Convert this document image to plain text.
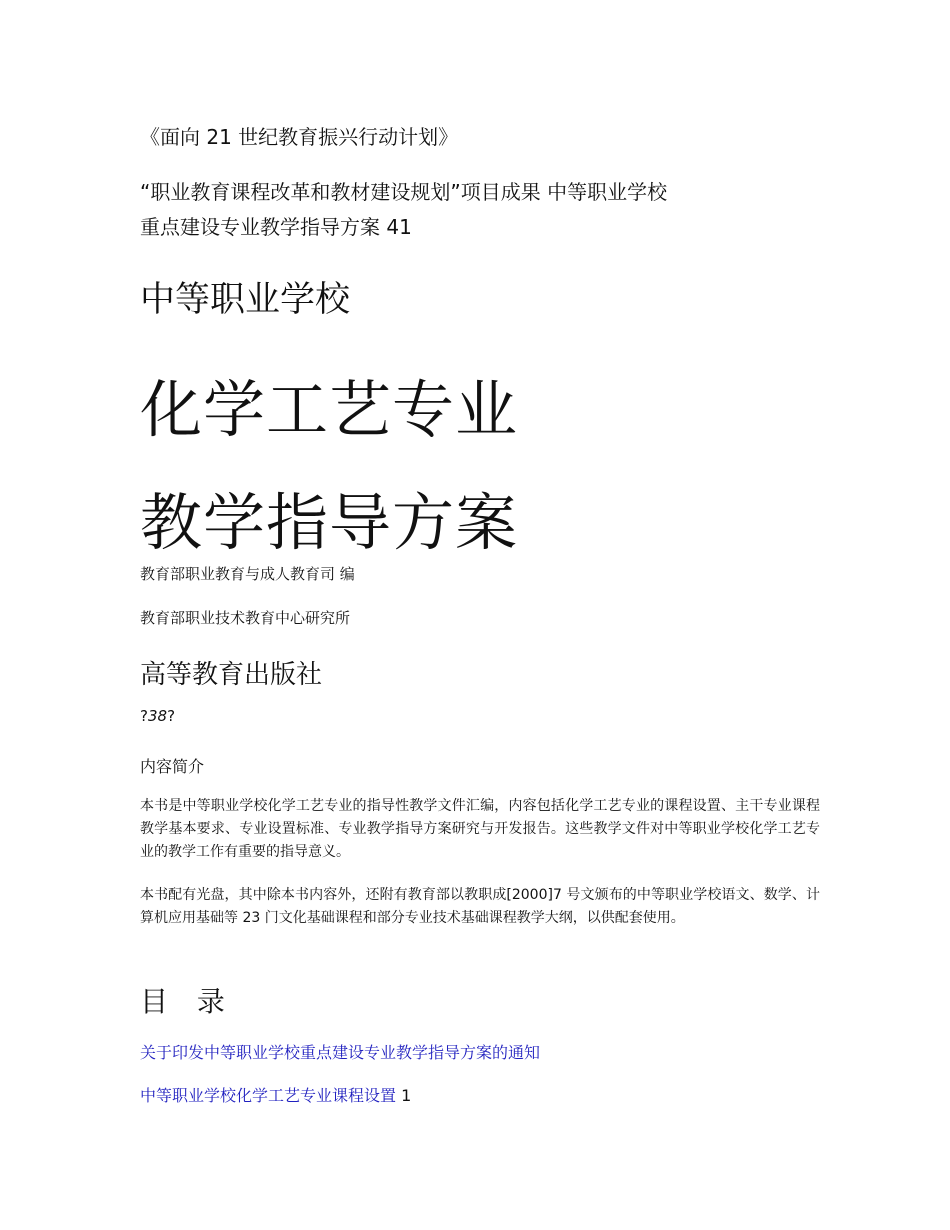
《面向 21 世纪教育振兴行动计划》
“职业教育课程改革和教材建设规划”项目成果 中等职业学校
重点建设专业教学指导方案 41
中等职业学校
化学工艺专业
教学指导方案
教育部职业教育与成人教育司 编
教育部职业技术教育中心研究所
高等教育出版社
?38?
内容简介
本书是中等职业学校化学工艺专业的指导性教学文件汇编，内容包括化学工艺专业的课程设置、主干专业课程教学基本要求、专业设置标准、专业教学指导方案研究与开发报告。这些教学文件对中等职业学校化学工艺专业的教学工作有重要的指导意义。
本书配有光盘，其中除本书内容外，还附有教育部以教职成[2000]7 号文颁布的中等职业学校语文、数学、计算机应用基础等 23 门文化基础课程和部分专业技术基础课程教学大纲，以供配套使用。
目 录
关于印发中等职业学校重点建设专业教学指导方案的通知
中等职业学校化学工艺专业课程设置 1
